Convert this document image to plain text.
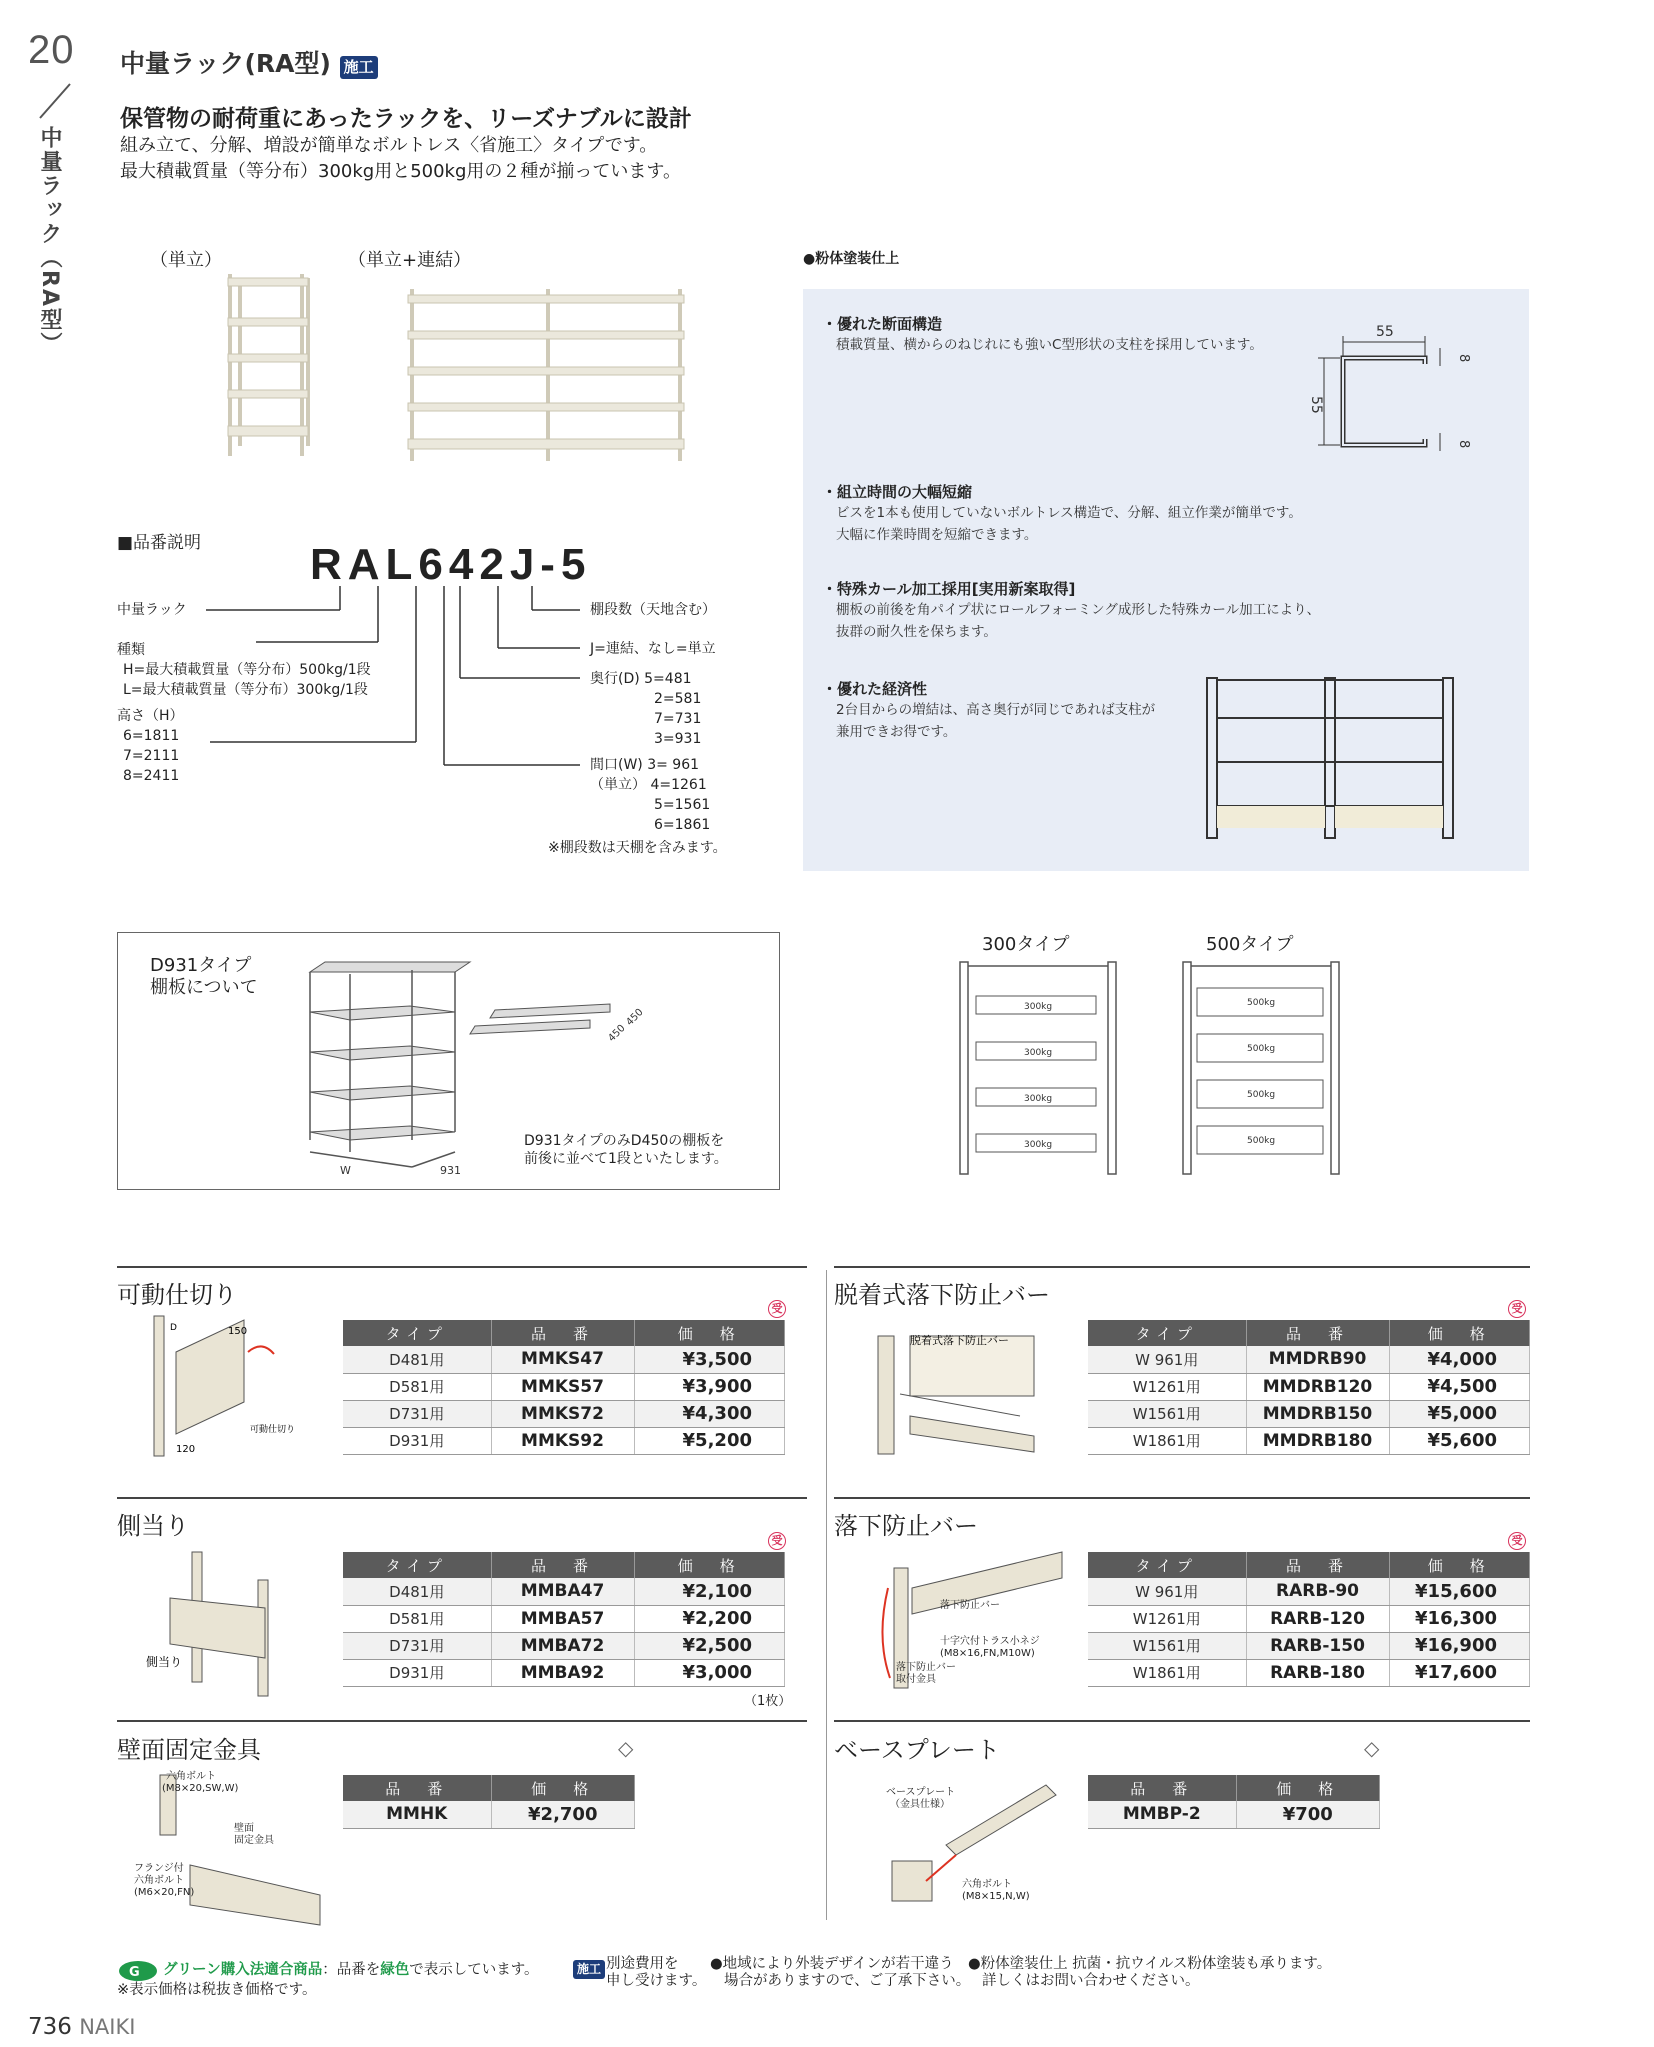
20
中量ラック（RA型）
中量ラック(RA型) 施工
保管物の耐荷重にあったラックを、リーズナブルに設計
組み立て、分解、増設が簡単なボルトレス〈省施工〉タイプです。
最大積載質量（等分布）300kg用と500kg用の２種が揃っています。
（単立）	（単立+連結）	●粉体塗装仕上
・優れた断面構造
積載質量、横からのねじれにも強いC型形状の支柱を採用しています。
・組立時間の大幅短縮
ビスを1本も使用していないボルトレス構造で、分解、組立作業が簡単です。
大幅に作業時間を短縮できます。
・特殊カール加工採用[実用新案取得]
棚板の前後を角パイプ状にロールフォーミング成形した特殊カール加工により、
抜群の耐久性を保ちます。
・優れた経済性
2台目からの増結は、高さ奥行が同じであれば支柱が
兼用できお得です。
55
55
8
8
■品番説明 RAL642J-5
中量ラック
種類
H=最大積載質量（等分布）500kg/1段
L=最大積載質量（等分布）300kg/1段
高さ（H）
6=1811
7=2111
8=2411
棚段数（天地含む）
J=連結、なし=単立
奥行(D) 5=481
2=581
7=731
3=931
間口(W) 3= 961
（単立） 4=1261
5=1561
6=1861
※棚段数は天棚を含みます。
D931タイプ
棚板について
W	931
450
450
D931タイプのみD450の棚板を
前後に並べて1段といたします。
300タイプ	500タイプ
300kg
300kg
300kg
300kg
500kg
500kg
500kg
500kg
可動仕切り	受
150
120
可動仕切り
D	タイプ	品　番	価　格
D481用	MMKS47	¥3,500
D581用	MMKS57	¥3,900
D731用	MMKS72	¥4,300
D931用	MMKS92	¥5,200
側当り
受
側当り
タイプ	品　番	価　格
D481用	MMBA47	¥2,100
D581用	MMBA57	¥2,200
D731用	MMBA72	¥2,500
D931用	MMBA92	¥3,000
（1枚）
壁面固定金具	◇
六角ボルト
(M8×20,SW,W)
壁面
固定金具
フランジ付
六角ボルト
(M6×20,FN)
品　番	価　格
MMHK	¥2,700
脱着式落下防止バー	受
脱着式落下防止バー	タイプ	品　番	価　格
W 961用	MMDRB90	¥4,000
W1261用	MMDRB120	¥4,500
W1561用	MMDRB150	¥5,000
W1861用	MMDRB180	¥5,600
落下防止バー
受
落下防止バー
十字穴付トラス小ネジ
(M8×16,FN,M10W)
落下防止バー
取付金具
タイプ	品　番	価　格
W 961用	RARB-90	¥15,600
W1261用	RARB-120	¥16,300
W1561用	RARB-150	¥16,900
W1861用	RARB-180	¥17,600
ベースプレート	◇
ベースプレート
（金具仕様）
六角ボルト
(M8×15,N,W)
品　番	価　格
MMBP-2	¥700
G グリーン購入法適合商品：品番を緑色で表示しています。
※表示価格は税抜き価格です。
施工 別途費用を
申し受けます。
●地域により外装デザインが若干違う
場合がありますので、ご了承下さい。
●粉体塗装仕上 抗菌・抗ウイルス粉体塗装も承ります。
詳しくはお問い合わせください。
736 NAIKI
